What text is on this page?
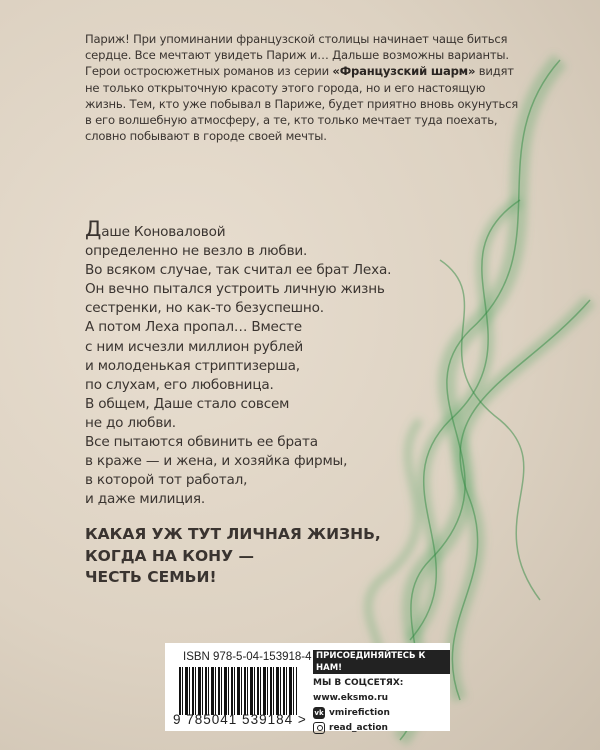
Париж! При упоминании французской столицы начинает чаще биться сердце. Все мечтают увидеть Париж и… Дальше возможны варианты. Герои остросюжетных романов из серии «Французский шарм» видят не только открыточную красоту этого города, но и его настоящую жизнь. Тем, кто уже побывал в Париже, будет приятно вновь окунуться в его волшебную атмосферу, а те, кто только мечтает туда поехать, словно побывают в городе своей мечты.

Даше Коноваловой

определенно не везло в любви.

Во всяком случае, так считал ее брат Леха.

Он вечно пытался устроить личную жизнь

сестренки, но как-то безуспешно.

А потом Леха пропал… Вместе

с ним исчезли миллион рублей

и молоденькая стриптизерша,

по слухам, его любовница.

В общем, Даше стало совсем

не до любви.

Все пытаются обвинить ее брата

в краже — и жена, и хозяйка фирмы,

в которой тот работал,

и даже милиция.

КАКАЯ УЖ ТУТ ЛИЧНАЯ ЖИЗНЬ,

КОГДА НА КОНУ —

ЧЕСТЬ СЕМЬИ!

ISBN 978-5-04-153918-4
9 785041 539184 >
ПРИСОЕДИНЯЙТЕСЬ К НАМ!
МЫ В СОЦСЕТЯХ:
www.eksmo.ru
vk vmirefiction
read_action
